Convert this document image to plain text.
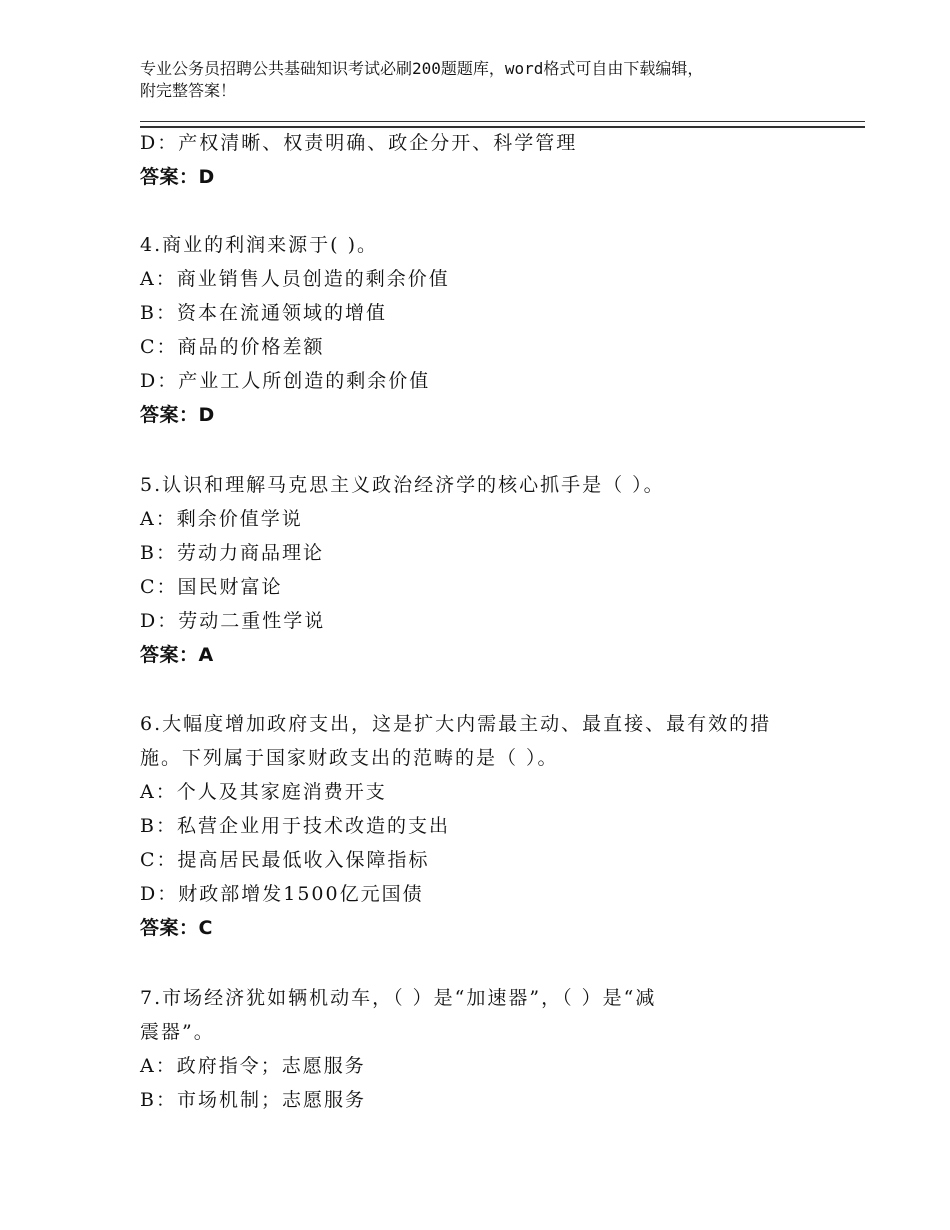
专业公务员招聘公共基础知识考试必刷200题题库，word格式可自由下载编辑，
附完整答案！
D：产权清晰、权责明确、政企分开、科学管理
答案：D
4.商业的利润来源于( )。
A：商业销售人员创造的剩余价值
B：资本在流通领域的增值
C：商品的价格差额
D：产业工人所创造的剩余价值
答案：D
5.认识和理解马克思主义政治经济学的核心抓手是（ ）。
A：剩余价值学说
B：劳动力商品理论
C：国民财富论
D：劳动二重性学说
答案：A
6.大幅度增加政府支出，这是扩大内需最主动、最直接、最有效的措
施。下列属于国家财政支出的范畴的是（ ）。
A：个人及其家庭消费开支
B：私营企业用于技术改造的支出
C：提高居民最低收入保障指标
D：财政部增发1500亿元国债
答案：C
7.市场经济犹如辆机动车，（ ）是“加速器”，（ ）是“减
震器”。
A：政府指令；志愿服务
B：市场机制；志愿服务
